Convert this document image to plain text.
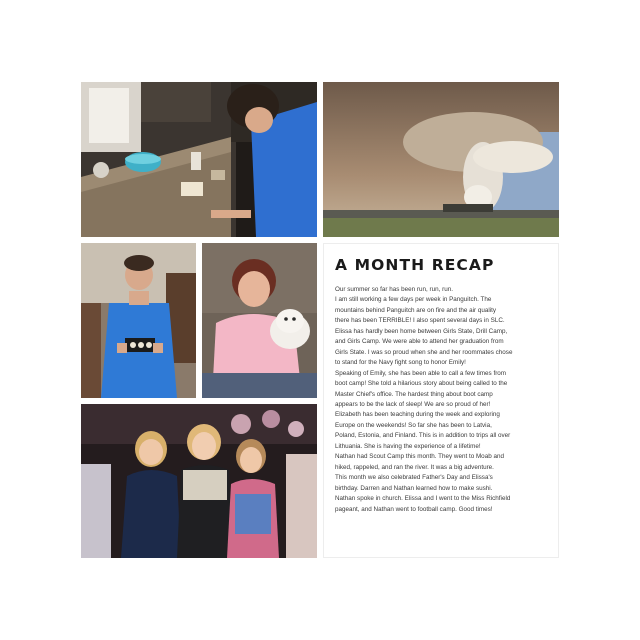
A MONTH RECAP
Our summer so far has been run, run, run.
I am still working a few days per week in Panguitch. The
mountains behind Panguitch are on fire and the air quality
there has been TERRIBLE! I also spent several days in SLC.
Elissa has hardly been home between Girls State, Drill Camp,
and Girls Camp. We were able to attend her graduation from
Girls State. I was so proud when she and her roommates chose
to stand for the Navy fight song to honor Emily!
Speaking of Emily, she has been able to call a few times from
boot camp! She told a hilarious story about being called to the
Master Chief's office. The hardest thing about boot camp
appears to be the lack of sleep! We are so proud of her!
Elizabeth has been teaching during the week and exploring
Europe on the weekends! So far she has been to Latvia,
Poland, Estonia, and Finland. This is in addition to trips all over
Lithuania. She is having the experience of a lifetime!
Nathan had Scout Camp this month. They went to Moab and
hiked, rappeled, and ran the river. It was a big adventure.
This month we also celebrated Father's Day and Elissa's
birthday. Darren and Nathan learned how to make sushi.
Nathan spoke in church. Elissa and I went to the Miss Richfield
pageant, and Nathan went to football camp. Good times!
